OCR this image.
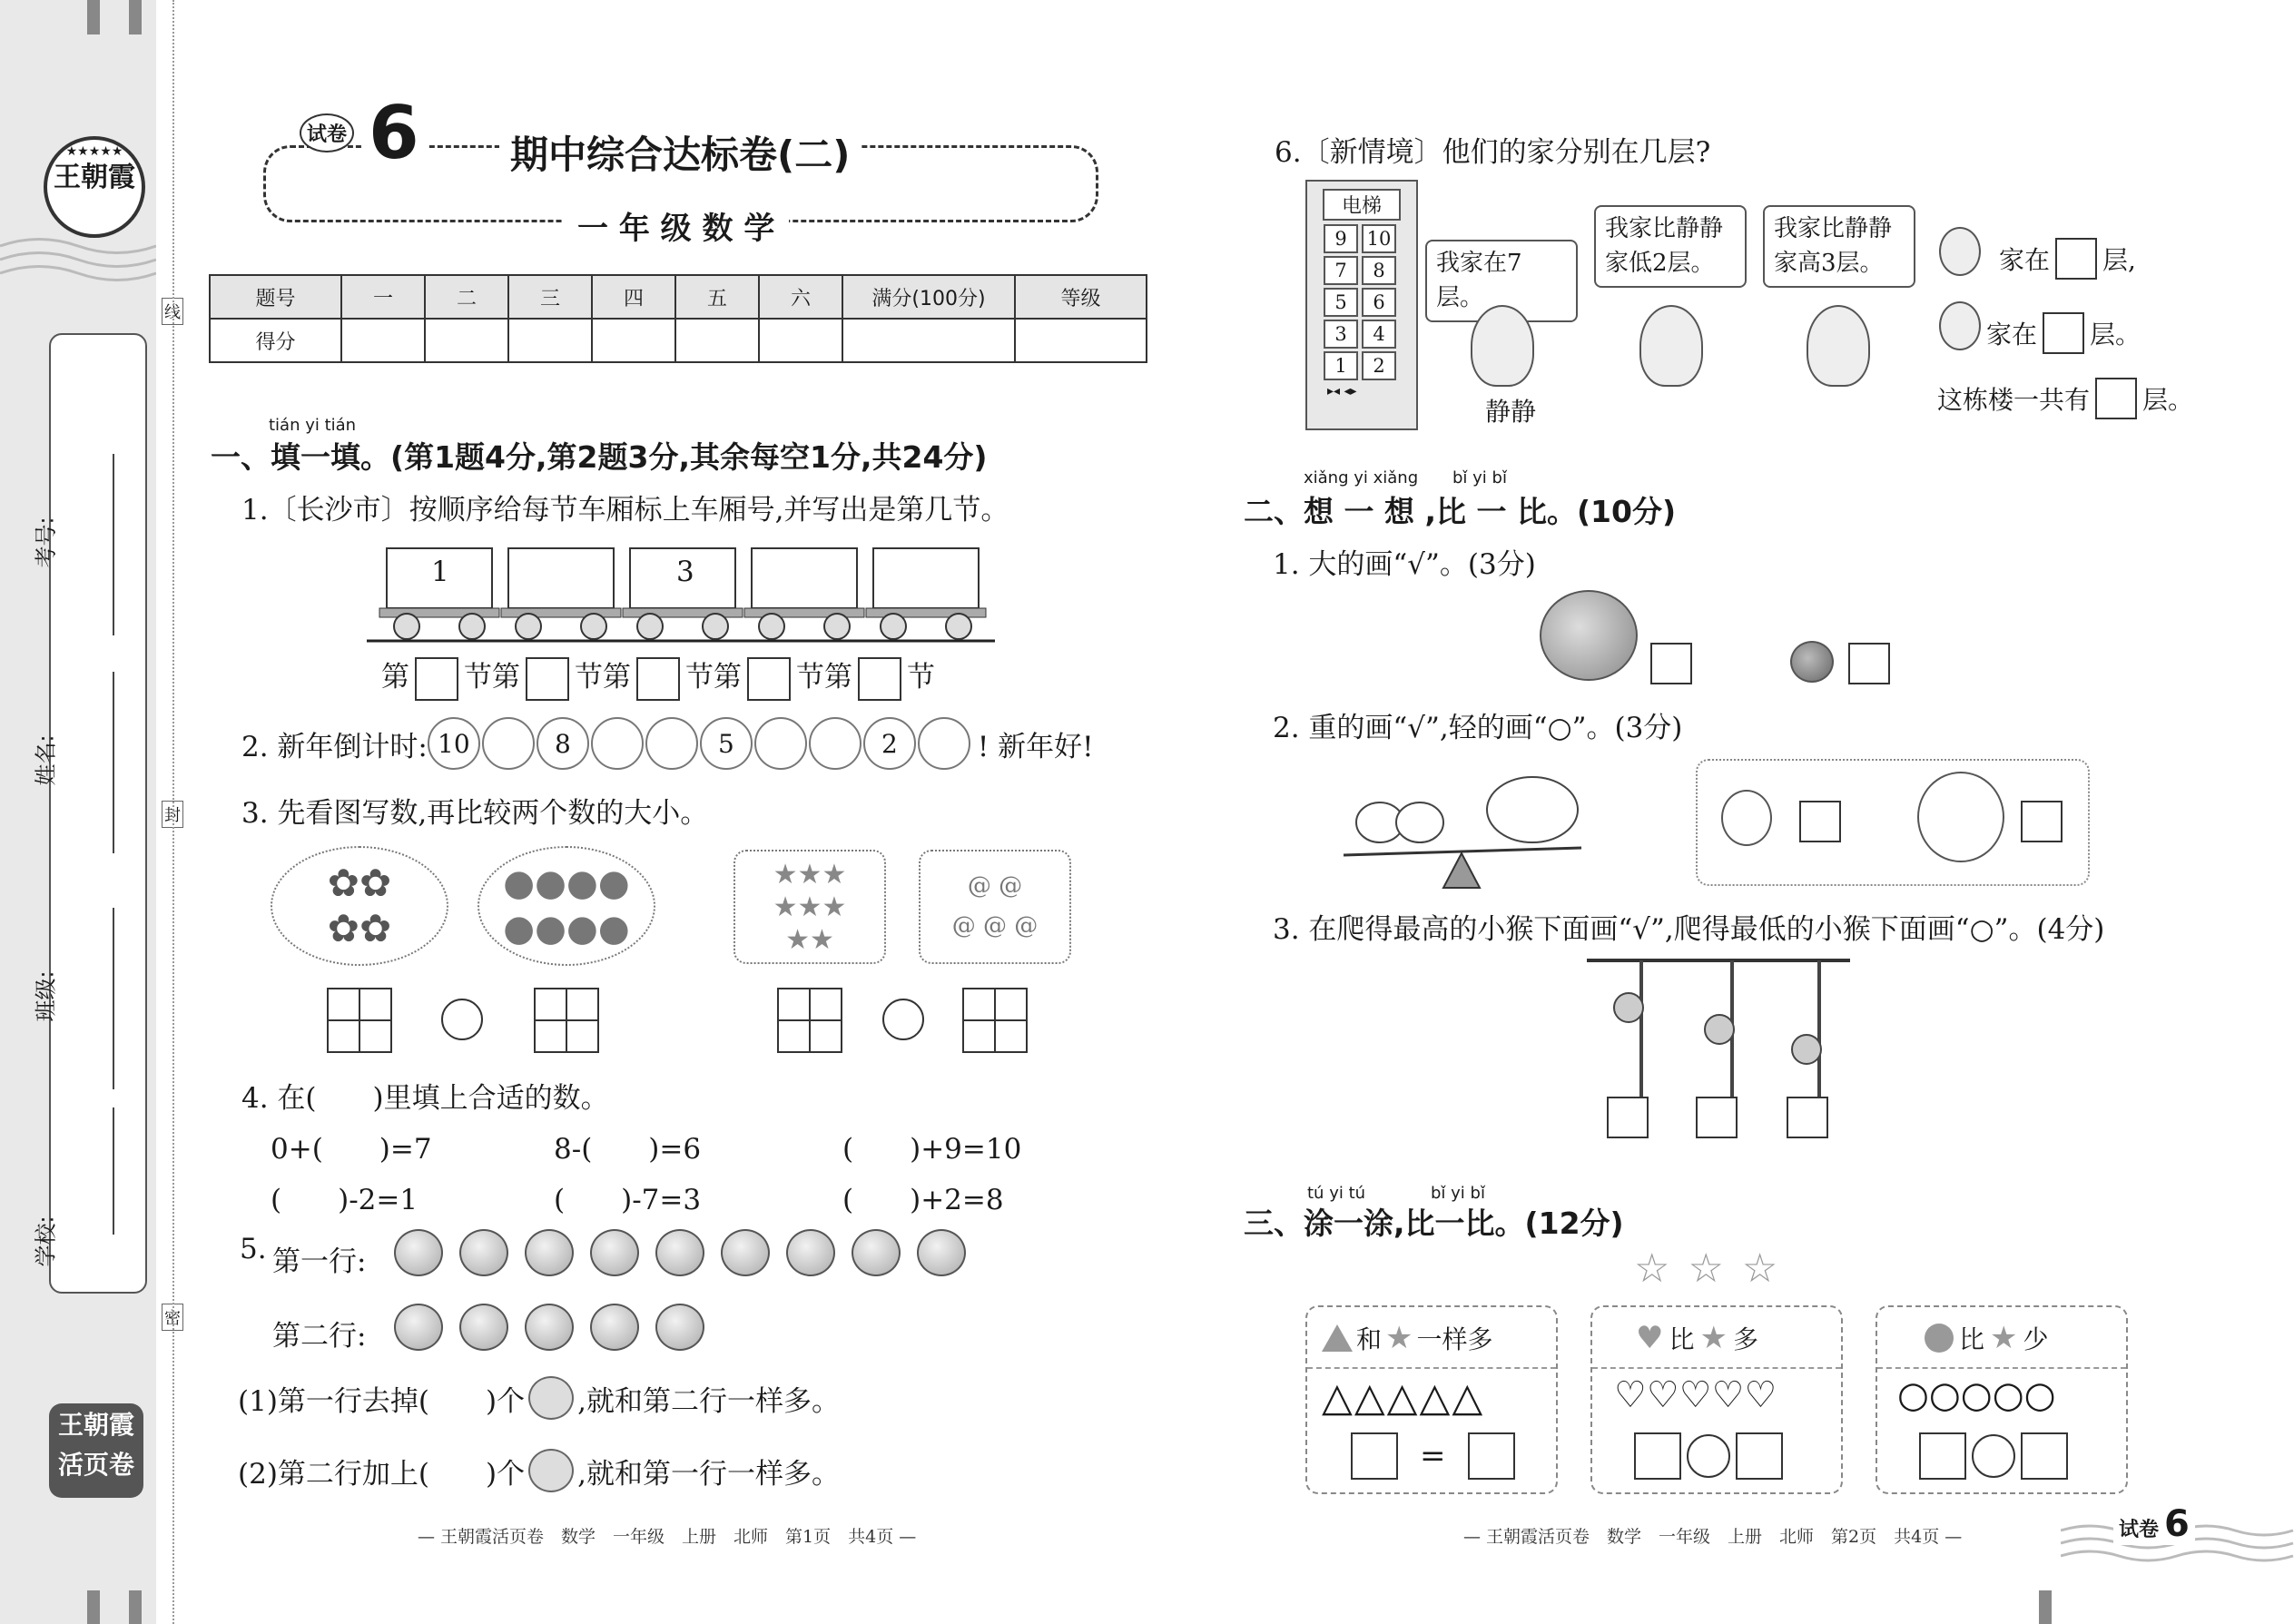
★★★★★
王朝霞
考号:
姓名:
班级:
学校:
线
封
密
王朝霞
活页卷
试卷 6 期中综合达标卷(二)
一 年 级 数 学
题号	一	二	三	四	五	六	满分(100分)	等级
得分								
tián yi tián
一、填一填。(第1题4分,第2题3分,其余每空1分,共24分)
1.〔长沙市〕按顺序给每节车厢标上车厢号,并写出是第几节。
1	3
第 节第 节第 节第 节第 节
2. 新年倒计时: 10	8	5	2	! 新年好!
3. 先看图写数,再比较两个数的大小。
✿✿
✿✿
●●●●
●●●●
★★★
★★★
★★
@ @
@ @ @
4. 在(　　)里填上合适的数。
0+(　　)=7	8-(　　)=6	(　　)+9=10
(　　)-2=1	(　　)-7=3	(　　)+2=8
5. 第一行:
第二行:
(1)第一行去掉(　　)个 ,就和第二行一样多。
(2)第二行加上(　　)个 ,就和第一行一样多。
— 王朝霞活页卷　数学　一年级　上册　北师　第1页　共4页 —
6.〔新情境〕他们的家分别在几层?
电梯
9	10
7	8
5	6
3	4
1	2
▸◂ ◂▸
我家在7层。
我家比静静家低2层。
我家比静静家高3层。
静静
家在 层,
家在 层。
这栋楼一共有 层。
xiǎng yi xiǎng bǐ yi bǐ
二、想 一 想 ,比 一 比。(10分)
1. 大的画“√”。(3分)
2. 重的画“√”,轻的画“○”。(3分)
3. 在爬得最高的小猴下面画“√”,爬得最低的小猴下面画“○”。(4分)
tú yi tú	bǐ yi bǐ
三、涂一涂,比一比。(12分)
☆☆☆
和 ★ 一样多
△△△△△
=
♥ 比 ★ 多
♡♡♡♡♡
比 ★ 少
○○○○○
— 王朝霞活页卷　数学　一年级　上册　北师　第2页　共4页 —	试卷 6
